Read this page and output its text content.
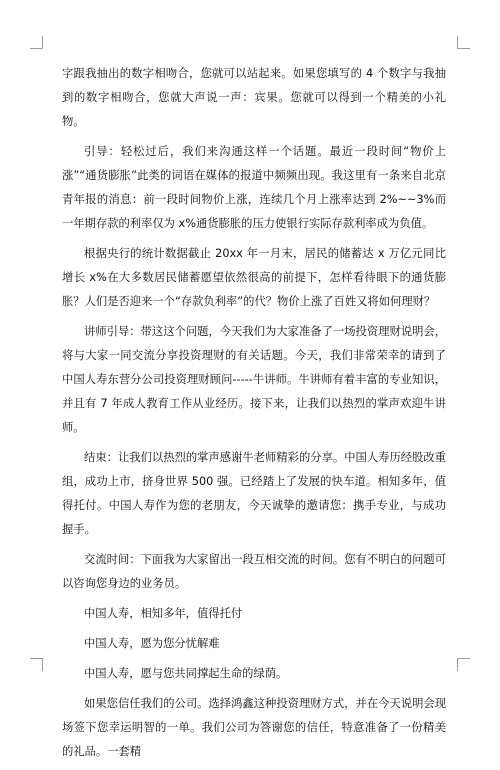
字跟我抽出的数字相吻合，您就可以站起来。如果您填写的 4 个数字与我抽到的数字相吻合，您就大声说一声：宾果。您就可以得到一个精美的小礼物。

引导：轻松过后，我们来沟通这样一个话题。最近一段时间“物价上涨”“通货膨胀”此类的词语在媒体的报道中频频出现。我这里有一条来自北京青年报的消息：前一段时间物价上涨，连续几个月上涨率达到 2%~~3%而一年期存款的利率仅为 x%通货膨胀的压力使银行实际存款利率成为负值。

根据央行的统计数据截止 20xx 年一月末，居民的储蓄达 x 万亿元同比增长 x%在大多数居民储蓄愿望依然很高的前提下，怎样看待眼下的通货膨胀？人们是否迎来一个“存款负利率”的代？物价上涨了百姓又将如何理财？

讲师引导：带这这个问题，今天我们为大家准备了一场投资理财说明会，将与大家一同交流分享投资理财的有关话题。今天，我们非常荣幸的请到了中国人寿东营分公司投资理财顾问-----牛讲师。牛讲师有着丰富的专业知识，并且有 7 年成人教育工作从业经历。接下来，让我们以热烈的掌声欢迎牛讲师。

结束：让我们以热烈的掌声感谢牛老师精彩的分享。中国人寿历经股改重组，成功上市，挤身世界 500 强。已经踏上了发展的快车道。相知多年，值得托付。中国人寿作为您的老朋友，今天诚挚的邀请您：携手专业，与成功握手。

交流时间：下面我为大家留出一段互相交流的时间。您有不明白的问题可以咨询您身边的业务员。

中国人寿，相知多年，值得托付

中国人寿，愿为您分忧解难

中国人寿，愿与您共同撑起生命的绿荫。

如果您信任我们的公司。选择鸿鑫这种投资理财方式，并在今天说明会现场签下您幸运明智的一单。我们公司为答谢您的信任，特意准备了一份精美的礼品。一套精
